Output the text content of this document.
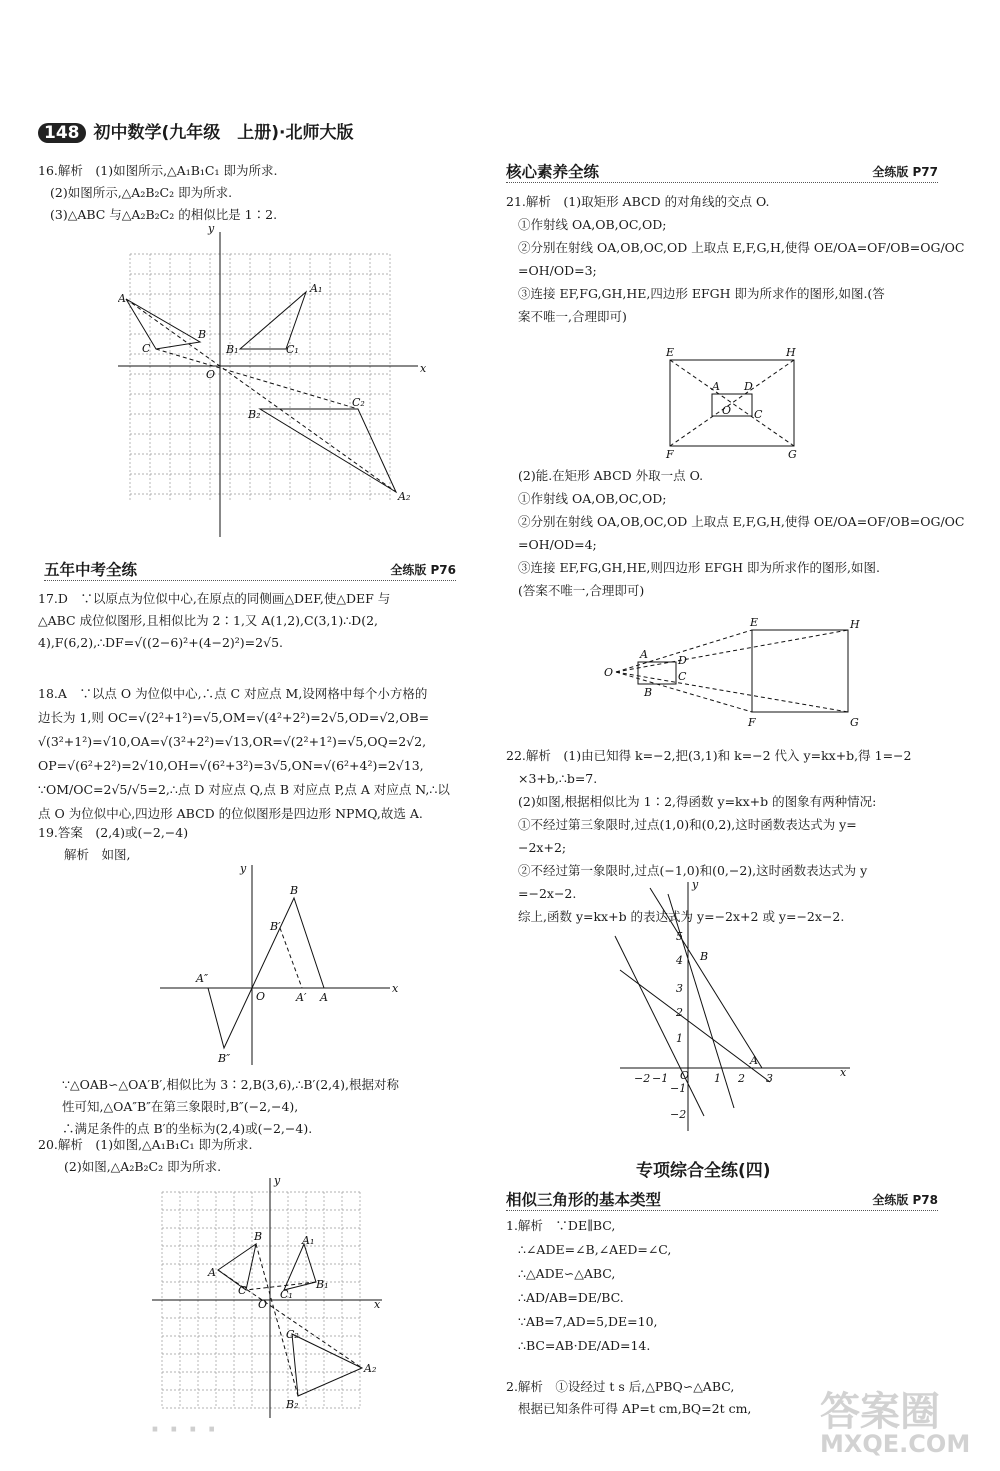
148 初中数学(九年级　上册)·北师大版

16.解析　(1)如图所示,△A₁B₁C₁ 即为所求.

(2)如图所示,△A₂B₂C₂ 即为所求.

(3)△ABC 与△A₂B₂C₂ 的相似比是 1∶2.

A
B
C
A₁
B₁	C₁
B₂
C₂
A₂
O	x
y
五年中考全练	全练版 P76

17.D　∵以原点为位似中心,在原点的同侧画△DEF,使△DEF 与

△ABC 成位似图形,且相似比为 2∶1,又 A(1,2),C(3,1)∴D(2,

4),F(6,2),∴DF=√((2−6)²+(4−2)²)=2√5.

18.A　∵以点 O 为位似中心,∴点 C 对应点 M,设网格中每个小方格的

边长为 1,则 OC=√(2²+1²)=√5,OM=√(4²+2²)=2√5,OD=√2,OB=

√(3²+1²)=√10,OA=√(3²+2²)=√13,OR=√(2²+1²)=√5,OQ=2√2,

OP=√(6²+2²)=2√10,OH=√(6²+3²)=3√5,ON=√(6²+4²)=2√13,

∵OM/OC=2√5/√5=2,∴点 D 对应点 Q,点 B 对应点 P,点 A 对应点 N,∴以

点 O 为位似中心,四边形 ABCD 的位似图形是四边形 NPMQ,故选 A.

19.答案　(2,4)或(−2,−4)

解析　如图,

B
B′
O	A′ A
A″
B″
x
y

∵△OAB∽△OA′B′,相似比为 3∶2,B(3,6),∴B′(2,4),根据对称

性可知,△OA″B″在第三象限时,B″(−2,−4),

∴满足条件的点 B′的坐标为(2,4)或(−2,−4).

20.解析　(1)如图,△A₁B₁C₁ 即为所求.

(2)如图,△A₂B₂C₂ 即为所求.

A
B
C
A₁
C₁
B₁
C₂
A₂
B₂
O	x
y
· · · ·
核心素养全练	全练版 P77

21.解析　(1)取矩形 ABCD 的对角线的交点 O.

①作射线 OA,OB,OC,OD;

②分别在射线 OA,OB,OC,OD 上取点 E,F,G,H,使得 OE/OA=OF/OB=OG/OC

=OH/OD=3;

③连接 EF,FG,GH,HE,四边形 EFGH 即为所求作的图形,如图.(答

案不唯一,合理即可)

E	H
F	G
A D
O C

(2)能.在矩形 ABCD 外取一点 O.

①作射线 OA,OB,OC,OD;

②分别在射线 OA,OB,OC,OD 上取点 E,F,G,H,使得 OE/OA=OF/OB=OG/OC

=OH/OD=4;

③连接 EF,FG,GH,HE,则四边形 EFGH 即为所求作的图形,如图.

(答案不唯一,合理即可)

O
E	H
F	G
A	D
B
C

22.解析　(1)由已知得 k=−2,把(3,1)和 k=−2 代入 y=kx+b,得 1=−2

×3+b,∴b=7.

(2)如图,根据相似比为 1∶2,得函数 y=kx+b 的图象有两种情况:

①不经过第三象限时,过点(1,0)和(0,2),这时函数表达式为 y=

−2x+2;

②不经过第一象限时,过点(−1,0)和(0,−2),这时函数表达式为 y

=−2x−2.

综上,函数 y=kx+b 的表达式为 y=−2x+2 或 y=−2x−2.

y
x
O
−2 −1	1 2 3
5
4
3
2
1
−1
−2
B
A
专项综合全练(四)
相似三角形的基本类型	全练版 P78

1.解析　∵DE∥BC,

∴∠ADE=∠B,∠AED=∠C,

∴△ADE∽△ABC,

∴AD/AB=DE/BC.

∵AB=7,AD=5,DE=10,

∴BC=AB·DE/AD=14.

2.解析　①设经过 t s 后,△PBQ∽△ABC,

根据已知条件可得 AP=t cm,BQ=2t cm, 答案圈
MXQE.COM
